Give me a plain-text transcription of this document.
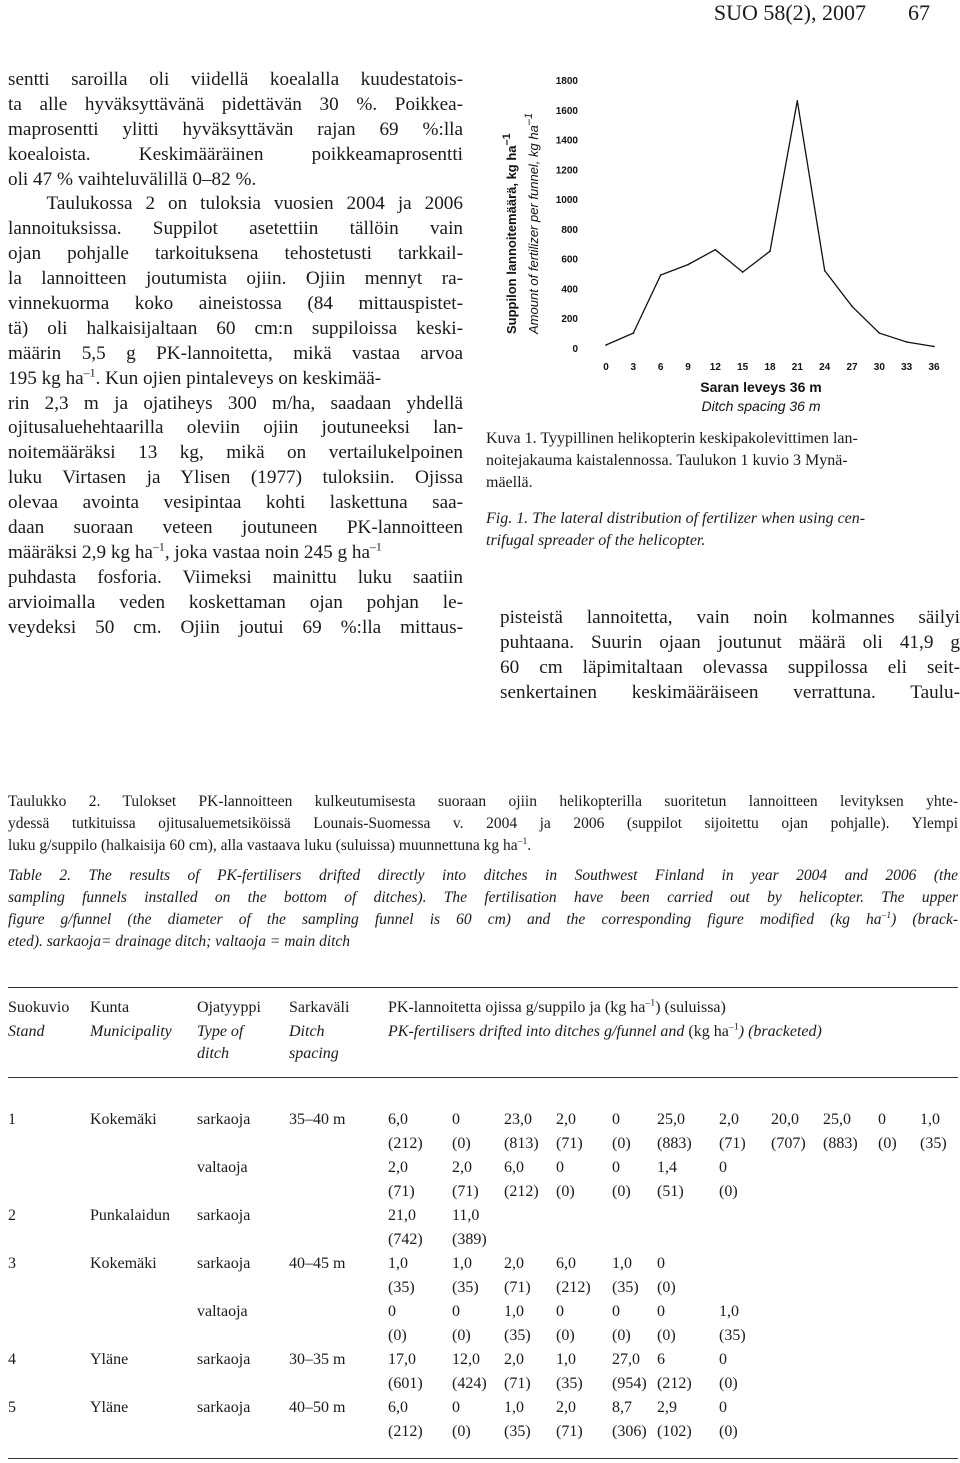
SUO 58(2), 2007 67
sentti saroilla oli viidellä koealalla kuudestatois-
ta alle hyväksyttävänä pidettävän 30 %. Poikkea-
maprosentti ylitti hyväksyttävän rajan 69 %:lla
koealoista. Keskimääräinen poikkeamaprosentti
oli 47 % vaihteluvälillä 0–82 %.
Taulukossa 2 on tuloksia vuosien 2004 ja 2006
lannoituksissa. Suppilot asetettiin tällöin vain
ojan pohjalle tarkoituksena tehostetusti tarkkail-
la lannoitteen joutumista ojiin. Ojiin mennyt ra-
vinnekuorma koko aineistossa (84 mittauspistet-
tä) oli halkaisijaltaan 60 cm:n suppiloissa keski-
määrin 5,5 g PK-lannoitetta, mikä vastaa arvoa
195 kg $ha^{-1}$. Kun ojien pintaleveys on keskimää-
rin 2,3 m ja ojatiheys 300 m/ha, saadaan yhdellä
ojitusaluehehtaarilla oleviin ojiin joutuneeksi lan-
noitemääräksi 13 kg, mikä on vertailukelpoinen
luku Virtasen ja Ylisen (1977) tuloksiin. Ojissa
olevaa avointa vesipintaa kohti laskettuna saa-
daan suoraan veteen joutuneen PK-lannoitteen
määräksi 2,9 kg $ha^{-1}$, joka vastaa noin 245 g $ha^{-1}$
puhdasta fosforia. Viimeksi mainittu luku saatiin
arvioimalla veden koskettaman ojan pohjan le-
veydeksi 50 cm. Ojiin joutui 69 %:lla mittaus-
Suppilon lannoitemäärä, kg $ha^{-1}$	Amount of fertilizer per funnel, kg $ha^{-1}$
0
200
400
600
800
1000
1200
1400
1600
1800
0 3 6 9 12 15 18 21 24 27 30 33 36
Saran leveys 36 m
Ditch spacing 36 m
Kuva 1. Tyypillinen helikopterin keskipakolevittimen lan-
noitejakauma kaistalennossa. Taulukon 1 kuvio 3 Mynä-
mäellä.
Fig. 1. The lateral distribution of fertilizer when using cen-
trifugal spreader of the helicopter.
pisteistä lannoitetta, vain noin kolmannes säilyi
puhtaana. Suurin ojaan joutunut määrä oli 41,9 g
60 cm läpimitaltaan olevassa suppilossa eli seit-
senkertainen keskimääräiseen verrattuna. Taulu-
Taulukko 2. Tulokset PK-lannoitteen kulkeutumisesta suoraan ojiin helikopterilla suoritetun lannoitteen levityksen yhte-
ydessä tutkituissa ojitusaluemetsiköissä Lounais-Suomessa v. 2004 ja 2006 (suppilot sijoitettu ojan pohjalle). Ylempi
luku g/suppilo (halkaisija 60 cm), alla vastaava luku (suluissa) muunnettuna kg $ha^{-1}$.
Table 2. The results of PK-fertilisers drifted directly into ditches in Southwest Finland in year 2004 and 2006 (the
sampling funnels installed on the bottom of ditches). The fertilisation have been carried out by helicopter. The upper
figure g/funnel (the diameter of the sampling funnel is 60 cm) and the corresponding figure modified (kg $ha^{-1}$) (brack-
eted). sarkaoja= drainage ditch; valtaoja = main ditch
Suokuvio Kunta	Ojatyyppi Sarkaväli PK-lannoitetta ojissa g/suppilo ja (kg $ha^{-1}$) (suluissa)
Stand	Municipality Type of	Ditch	PK-fertilisers drifted into ditches g/funnel and (kg $ha^{-1}$) (bracketed)
ditch	spacing
1	Kokemäki	sarkaoja 35–40 m	6,0	0	23,0 2,0 0 25,0 2,0 20,0 25,0 0 1,0
(212) (0) (813) (71) (0) (883) (71) (707) (883) (0) (35)
valtaoja	2,0	2,0 6,0 0	0 1,4	0
(71) (71) (212) (0) (0) (51) (0)
2	Punkalaidun sarkaoja	21,0 11,0
(742) (389)
3	Kokemäki	sarkaoja 40–45 m	1,0	1,0 2,0 6,0 1,0 0
(35) (35) (71) (212) (35) (0)
valtaoja	0	0	1,0 0	0 0	1,0
(0)	(0) (35) (0) (0) (0)	(35)
4	Yläne	sarkaoja 30–35 m	17,0 12,0 2,0 1,0 27,0 6	0
(601) (424) (71) (35) (954) (212) (0)
5	Yläne	sarkaoja 40–50 m	6,0	0	1,0 2,0 8,7 2,9	0
(212) (0) (35) (71) (306) (102) (0)
